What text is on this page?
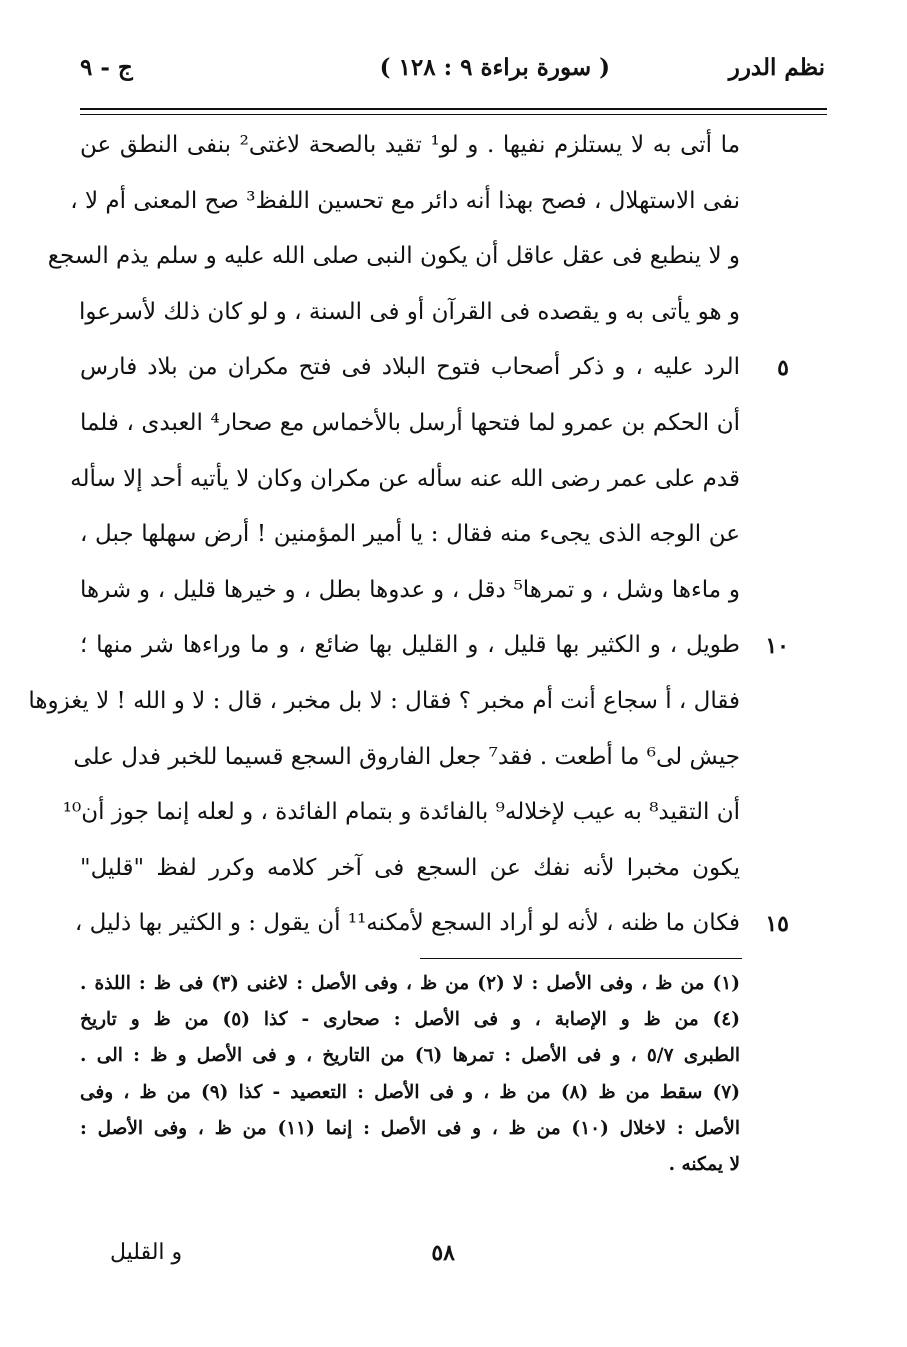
نظم الدرر
( سورة براءة ٩ : ١٢٨ )
ج - ٩
ما أتى به لا يستلزم نفيها . و لو¹ تقيد بالصحة لاغتى² بنفى النطق عن
نفى الاستهلال ، فصح بهذا أنه دائر مع تحسين اللفظ³ صح المعنى أم لا ،
و لا ينطبع فى عقل عاقل أن يكون النبى صلى الله عليه و سلم يذم السجع
و هو يأتى به و يقصده فى القرآن أو فى السنة ، و لو كان ذلك لأسرعوا
الرد عليه ، و ذكر أصحاب فتوح البلاد فى فتح مكران من بلاد فارس
أن الحكم بن عمرو لما فتحها أرسل بالأخماس مع صحار⁴ العبدى ، فلما
قدم على عمر رضى الله عنه سأله عن مكران وكان لا يأتيه أحد إلا سأله
عن الوجه الذى يجىء منه فقال : يا أمير المؤمنين ! أرض سهلها جبل ،
و ماءها وشل ، و تمرها⁵ دقل ، و عدوها بطل ، و خيرها قليل ، و شرها
طويل ، و الكثير بها قليل ، و القليل بها ضائع ، و ما وراءها شر منها ؛
فقال ، أ سجاع أنت أم مخبر ؟ فقال : لا بل مخبر ، قال : لا و الله ! لا يغزوها
جيش لى⁶ ما أطعت . فقد⁷ جعل الفاروق السجع قسيما للخبر فدل على
أن التقيد⁸ به عيب لإخلاله⁹ بالفائدة و بتمام الفائدة ، و لعله إنما جوز أن¹⁰
يكون مخبرا لأنه نفك عن السجع فى آخر كلامه وكرر لفظ "قليل"
فكان ما ظنه ، لأنه لو أراد السجع لأمكنه¹¹ أن يقول : و الكثير بها ذليل ،
٥
١٠
١٥
(١) من ظ ، وفى الأصل : لا (٢) من ظ ، وفى الأصل : لاغنى (٣) فى ظ : اللذة .
(٤) من ظ و الإصابة ، و فى الأصل : صحارى - كذا (٥) من ظ و تاريخ
الطبرى ٥/٧ ، و فى الأصل : تمرها (٦) من التاريخ ، و فى الأصل و ظ : الى .
(٧) سقط من ظ (٨) من ظ ، و فى الأصل : التعصيد - كذا (٩) من ظ ، وفى
الأصل : لاخلال (١٠) من ظ ، و فى الأصل : إنما (١١) من ظ ، وفى الأصل :
لا يمكنه .
٥٨
و القليل
